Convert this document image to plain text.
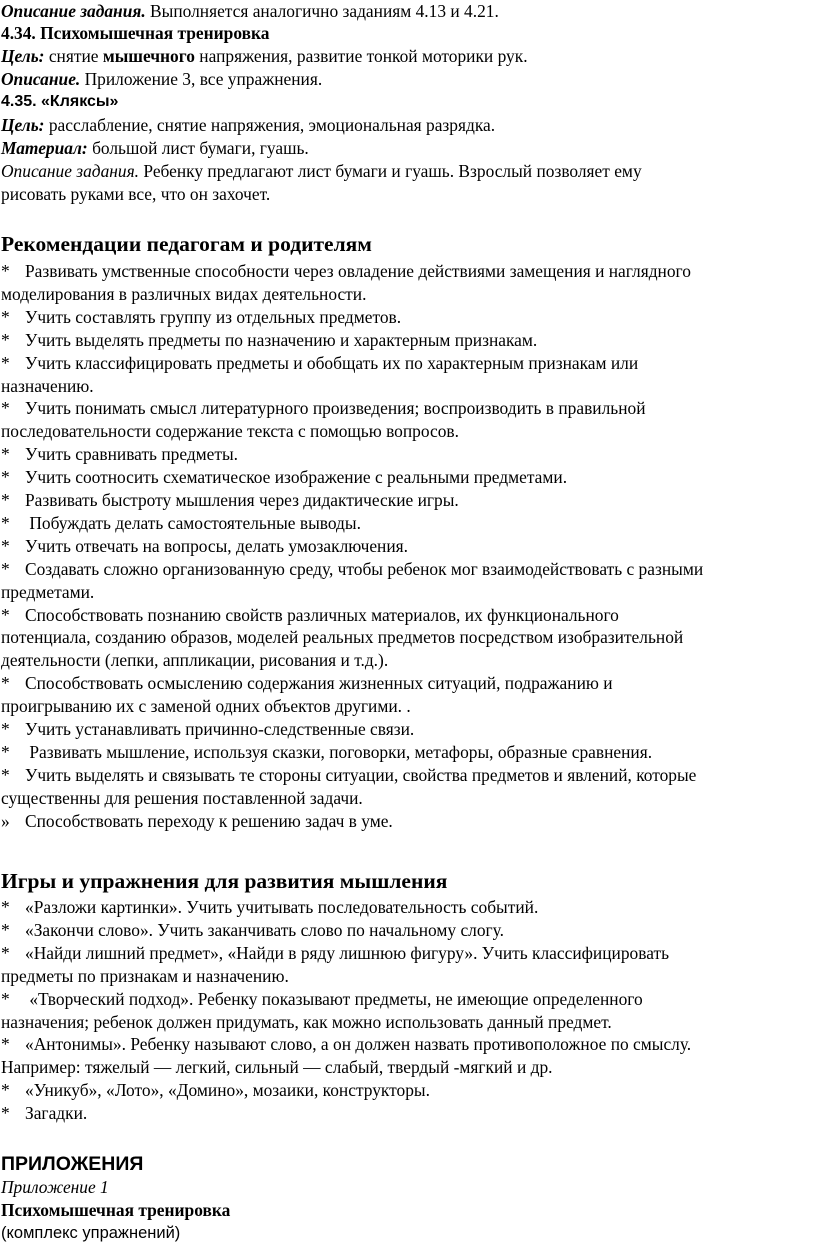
Описание задания. Выполняется аналогично заданиям 4.13 и 4.21.
4.34. Психомышечная тренировка
Цель: снятие мышечного напряжения, развитие тонкой моторики рук.
Описание. Приложение 3, все упражнения.
4.35. «Кляксы»
Цель: расслабление, снятие напряжения, эмоциональная разрядка.
Материал: большой лист бумаги, гуашь.
Описание задания. Ребенку предлагают лист бумаги и гуашь. Взрослый позволяет ему
рисовать руками все, что он захочет.
Рекомендации педагогам и родителям
* Развивать умственные способности через овладение действиями замещения и наглядного
моделирования в различных видах деятельности.
* Учить составлять группу из отдельных предметов.
* Учить выделять предметы по назначению и характерным признакам.
* Учить классифицировать предметы и обобщать их по характерным признакам или
назначению.
* Учить понимать смысл литературного произведения; воспроизводить в правильной
последовательности содержание текста с помощью вопросов.
* Учить сравнивать предметы.
* Учить соотносить схематическое изображение с реальными предметами.
* Развивать быстроту мышления через дидактические игры.
* Побуждать делать самостоятельные выводы.
* Учить отвечать на вопросы, делать умозаключения.
* Создавать сложно организованную среду, чтобы ребенок мог взаимодействовать с разными
предметами.
* Способствовать познанию свойств различных материалов, их функционального
потенциала, созданию образов, моделей реальных предметов посредством изобразительной
деятельности (лепки, аппликации, рисования и т.д.).
* Способствовать осмыслению содержания жизненных ситуаций, подражанию и
проигрыванию их с заменой одних объектов другими. .
* Учить устанавливать причинно-следственные связи.
* Развивать мышление, используя сказки, поговорки, метафоры, образные сравнения.
* Учить выделять и связывать те стороны ситуации, свойства предметов и явлений, которые
существенны для решения поставленной задачи.
» Способствовать переходу к решению задач в уме.
Игры и упражнения для развития мышления
* «Разложи картинки». Учить учитывать последовательность событий.
* «Закончи слово». Учить заканчивать слово по начальному слогу.
* «Найди лишний предмет», «Найди в ряду лишнюю фигуру». Учить классифицировать
предметы по признакам и назначению.
* «Творческий подход». Ребенку показывают предметы, не имеющие определенного
назначения; ребенок должен придумать, как можно использовать данный предмет.
* «Антонимы». Ребенку называют слово, а он должен назвать противоположное по смыслу.
Например: тяжелый — легкий, сильный — слабый, твердый -мягкий и др.
* «Уникуб», «Лото», «Домино», мозаики, конструкторы.
* Загадки.
ПРИЛОЖЕНИЯ
Приложение 1
Психомышечная тренировка
(комплекс упражнений)
